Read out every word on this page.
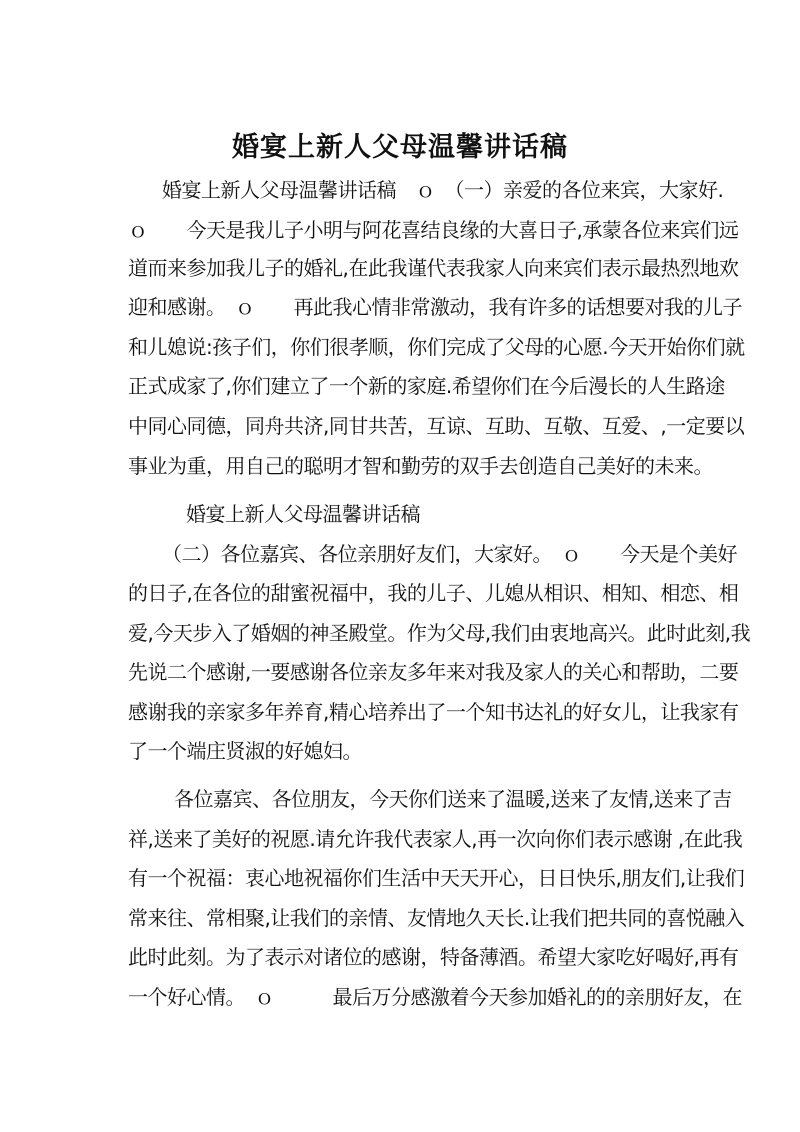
婚宴上新人父母温馨讲话稿
婚宴上新人父母温馨讲话稿　ｏ　（一）亲爱的各位来宾，大家好.
ｏ　　今天是我儿子小明与阿花喜结良缘的大喜日子,承蒙各位来宾们远
道而来参加我儿子的婚礼,在此我谨代表我家人向来宾们表示最热烈地欢
迎和感谢。　ｏ　　再此我心情非常激动，我有许多的话想要对我的儿子
和儿媳说:孩子们，你们很孝顺，你们完成了父母的心愿.今天开始你们就
正式成家了,你们建立了一个新的家庭.希望你们在今后漫长的人生路途
中同心同德，同舟共济,同甘共苦，互谅、互助、互敬、互爱、,一定要以
事业为重，用自己的聪明才智和勤劳的双手去创造自己美好的未来。
婚宴上新人父母温馨讲话稿
（二）各位嘉宾、各位亲朋好友们，大家好。　ｏ　　今天是个美好
的日子,在各位的甜蜜祝福中，我的儿子、儿媳从相识、相知、相恋、相
爱,今天步入了婚姻的神圣殿堂。作为父母,我们由衷地高兴。此时此刻,我
先说二个感谢,一要感谢各位亲友多年来对我及家人的关心和帮助，二要
感谢我的亲家多年养育,精心培养出了一个知书达礼的好女儿，让我家有
了一个端庄贤淑的好媳妇。
各位嘉宾、各位朋友，今天你们送来了温暖,送来了友情,送来了吉
祥,送来了美好的祝愿.请允许我代表家人,再一次向你们表示感谢 ,在此我
有一个祝福：衷心地祝福你们生活中天天开心，日日快乐,朋友们,让我们
常来往、常相聚,让我们的亲情、友情地久天长.让我们把共同的喜悦融入
此时此刻。为了表示对诸位的感谢，特备薄酒。希望大家吃好喝好,再有
一个好心情。　ｏ　　　最后万分感激着今天参加婚礼的的亲朋好友，在
